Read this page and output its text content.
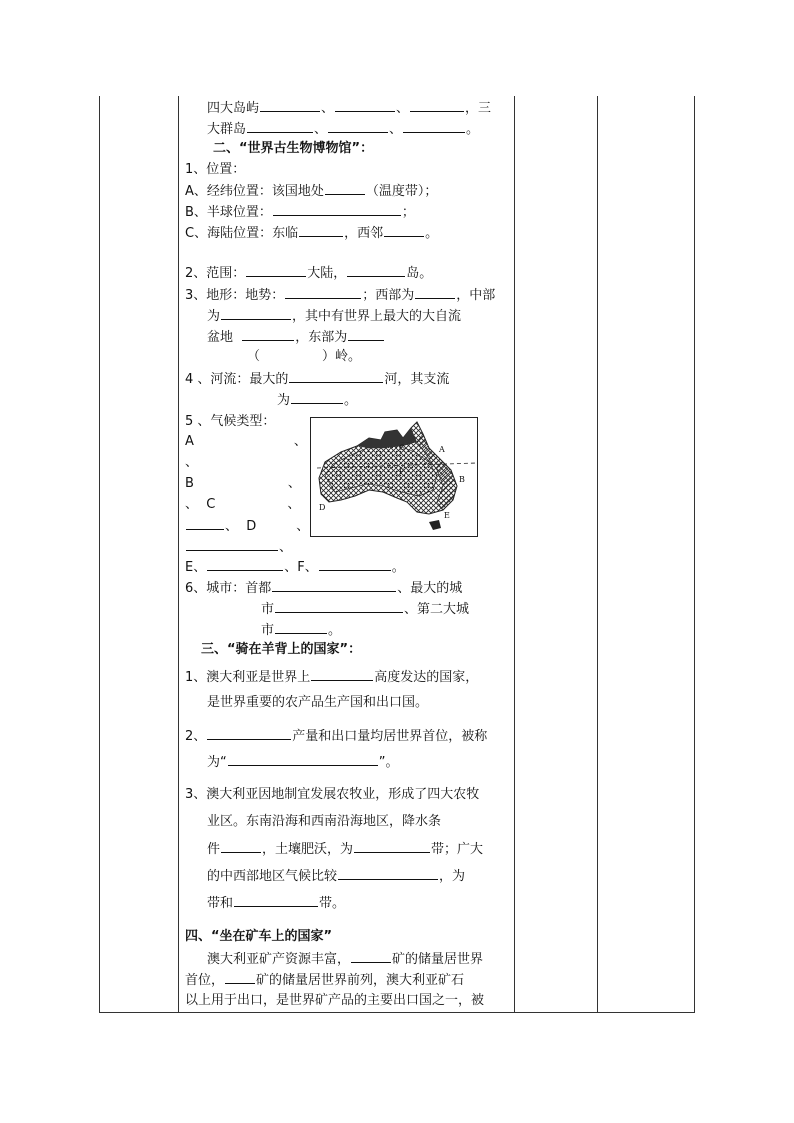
四大岛屿	、	、	，三
大群岛	、	、	。
二、“世界古生物博物馆”：
1、位置：
A、经纬位置：该国地处	（温度带）；
B、半球位置：	；
C、海陆位置：东临	，西邻	。
2、范围：	大陆，	岛。
3、地形：地势：	；西部为	，中部
为	，其中有世界上最大的大自流
盆地	，东部为
（	）岭。
4 、河流：最大的	河，其支流
为	。
5 、气候类型：
A	、
、
B	、
、 C	、
、 D	、
、
E、	、F、	。
6、城市：首都	、最大的城
市	、第二大城
市	。
三、“骑在羊背上的国家”：
1、澳大利亚是世界上	高度发达的国家，
是世界重要的农产品生产国和出口国。
2、	产量和出口量均居世界首位，被称
为“	”。
3、澳大利亚因地制宜发展农牧业，形成了四大农牧
业区。东南沿海和西南沿海地区，降水条
件	，土壤肥沃，为	带；广大
的中西部地区气候比较	，为
带和	带。
四、“坐在矿车上的国家”
澳大利亚矿产资源丰富，	矿的储量居世界
首位， 矿的储量居世界前列，澳大利亚矿石
以上用于出口，是世界矿产品的主要出口国之一，被
A
B
C
D
E
F
